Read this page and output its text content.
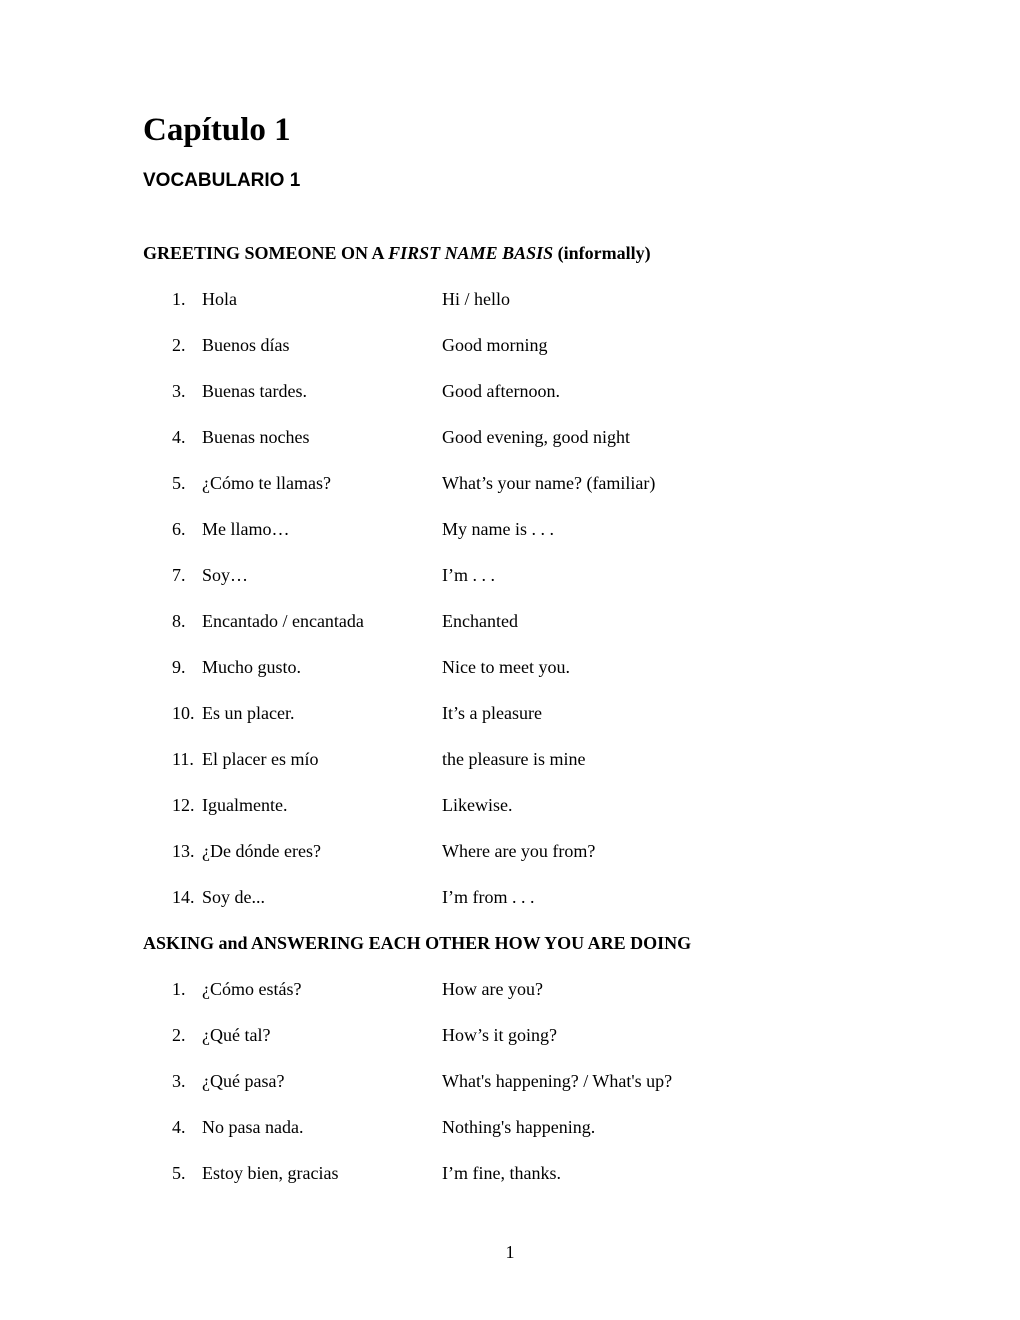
Capítulo 1
VOCABULARIO 1
GREETING SOMEONE ON A FIRST NAME BASIS (informally)
1. Hola	Hi / hello
2. Buenos días	Good morning
3. Buenas tardes.	Good afternoon.
4. Buenas noches	Good evening, good night
5. ¿Cómo te llamas?	What’s your name? (familiar)
6. Me llamo…	My name is . . .
7. Soy…	I’m . . .
8. Encantado / encantada	Enchanted
9. Mucho gusto.	Nice to meet you.
10. Es un placer.	It’s a pleasure
11. El placer es mío	the pleasure is mine
12. Igualmente.	Likewise.
13. ¿De dónde eres?	Where are you from?
14. Soy de...	I’m from . . .
ASKING and ANSWERING EACH OTHER HOW YOU ARE DOING
1. ¿Cómo estás?	How are you?
2. ¿Qué tal?	How’s it going?
3. ¿Qué pasa?	What's happening? / What's up?
4. No pasa nada.	Nothing's happening.
5. Estoy bien, gracias	I’m fine, thanks.
1
